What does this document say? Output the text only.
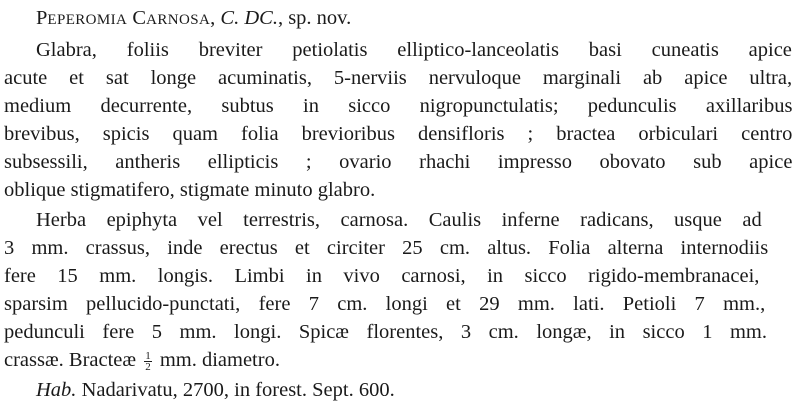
PEPEROMIA CARNOSA, C. DC., sp. nov.
Glabra, foliis breviter petiolatis elliptico-lanceolatis basi cuneatis apice
acute et sat longe acuminatis, 5-nerviis nervuloque marginali ab apice ultra,
medium decurrente, subtus in sicco nigropunctulatis; pedunculis axillaribus
brevibus, spicis quam folia brevioribus densifloris ; bractea orbiculari centro
subsessili, antheris ellipticis ; ovario rhachi impresso obovato sub apice
oblique stigmatifero, stigmate minuto glabro.
Herba epiphyta vel terrestris, carnosa. Caulis inferne radicans, usque ad
3 mm. crassus, inde erectus et circiter 25 cm. altus. Folia alterna internodiis
fere 15 mm. longis. Limbi in vivo carnosi, in sicco rigido-membranacei,
sparsim pellucido-punctati, fere 7 cm. longi et 29 mm. lati. Petioli 7 mm.,
pedunculi fere 5 mm. longi. Spicæ florentes, 3 cm. longæ, in sicco 1 mm.
crassæ. Bracteæ $\frac{1}{2}$ mm. diametro.
Hab. Nadarivatu, 2700, in forest. Sept. 600.
